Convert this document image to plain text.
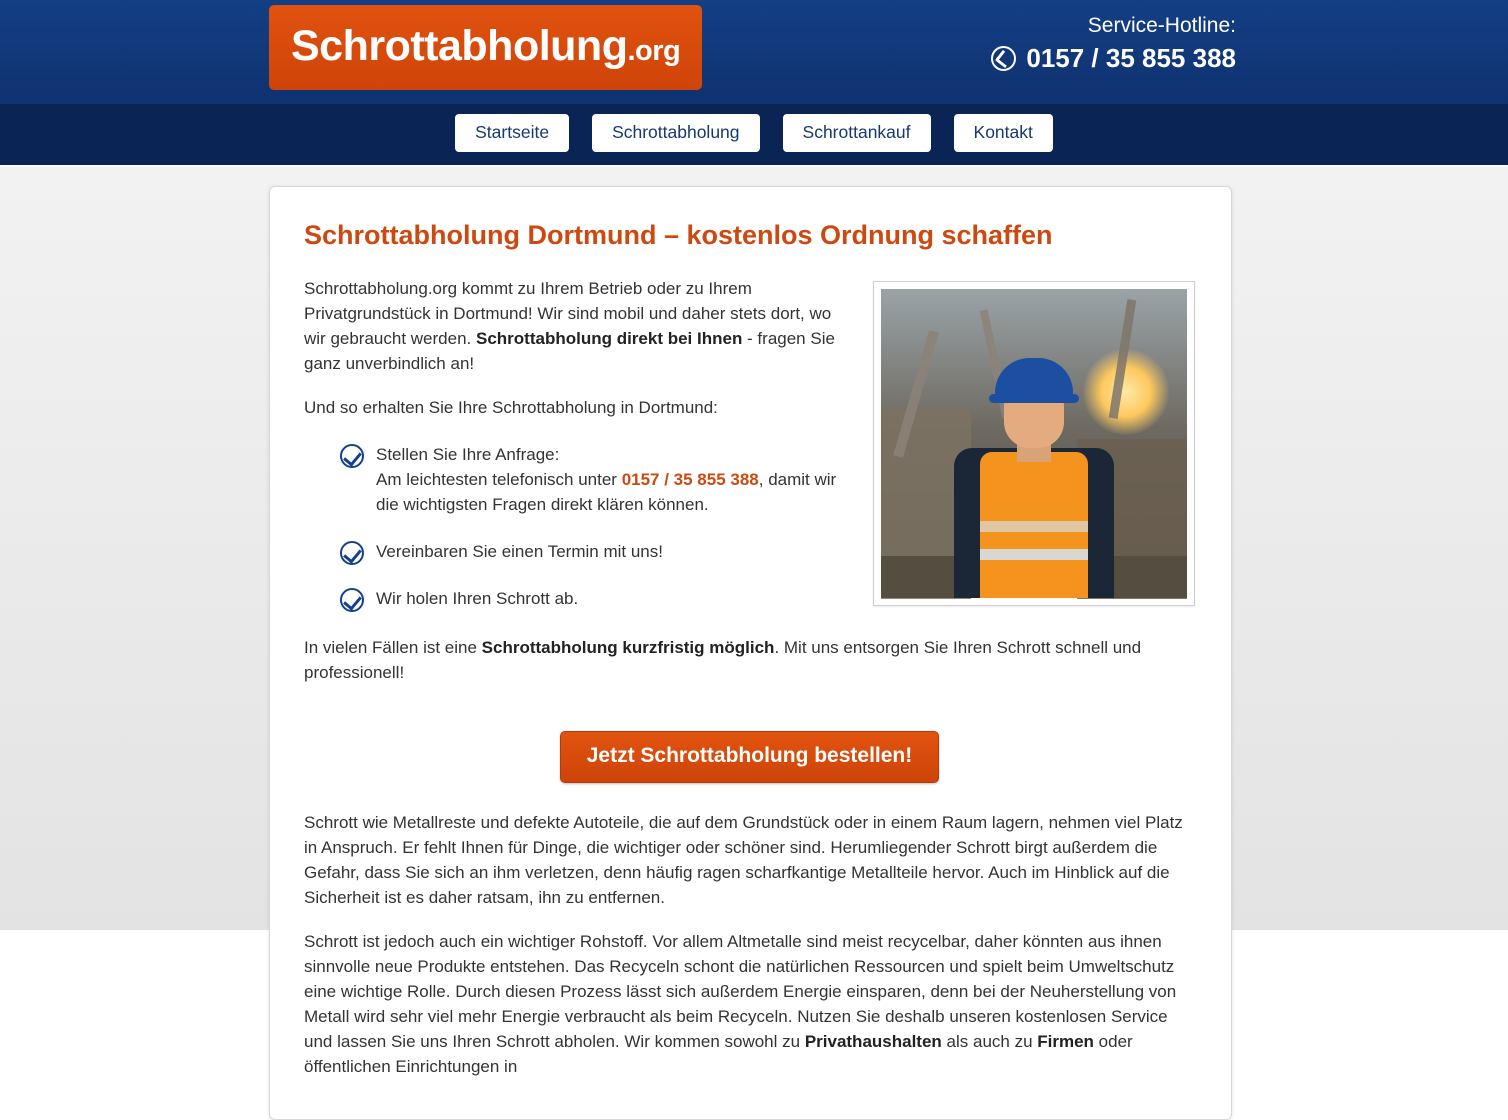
Schrottabholung.org
Service-Hotline:
0157 / 35 855 388
Startseite	Schrottabholung	Schrottankauf	Kontakt
Schrottabholung Dortmund – kostenlos Ordnung schaffen

Schrottabholung.org kommt zu Ihrem Betrieb oder zu Ihrem Privatgrundstück in Dortmund! Wir sind mobil und daher stets dort, wo wir gebraucht werden. Schrottabholung direkt bei Ihnen - fragen Sie ganz unverbindlich an!

Und so erhalten Sie Ihre Schrottabholung in Dortmund:

Stellen Sie Ihre Anfrage:
Am leichtesten telefonisch unter 0157 / 35 855 388, damit wir die wichtigsten Fragen direkt klären können.
Vereinbaren Sie einen Termin mit uns!
Wir holen Ihren Schrott ab.

In vielen Fällen ist eine Schrottabholung kurzfristig möglich. Mit uns entsorgen Sie Ihren Schrott schnell und professionell!

Jetzt Schrottabholung bestellen!

Schrott wie Metallreste und defekte Autoteile, die auf dem Grundstück oder in einem Raum lagern, nehmen viel Platz in Anspruch. Er fehlt Ihnen für Dinge, die wichtiger oder schöner sind. Herumliegender Schrott birgt außerdem die Gefahr, dass Sie sich an ihm verletzen, denn häufig ragen scharfkantige Metallteile hervor. Auch im Hinblick auf die Sicherheit ist es daher ratsam, ihn zu entfernen.

Schrott ist jedoch auch ein wichtiger Rohstoff. Vor allem Altmetalle sind meist recycelbar, daher könnten aus ihnen sinnvolle neue Produkte entstehen. Das Recyceln schont die natürlichen Ressourcen und spielt beim Umweltschutz eine wichtige Rolle. Durch diesen Prozess lässt sich außerdem Energie einsparen, denn bei der Neuherstellung von Metall wird sehr viel mehr Energie verbraucht als beim Recyceln. Nutzen Sie deshalb unseren kostenlosen Service und lassen Sie uns Ihren Schrott abholen. Wir kommen sowohl zu Privathaushalten als auch zu Firmen oder öffentlichen Einrichtungen in
